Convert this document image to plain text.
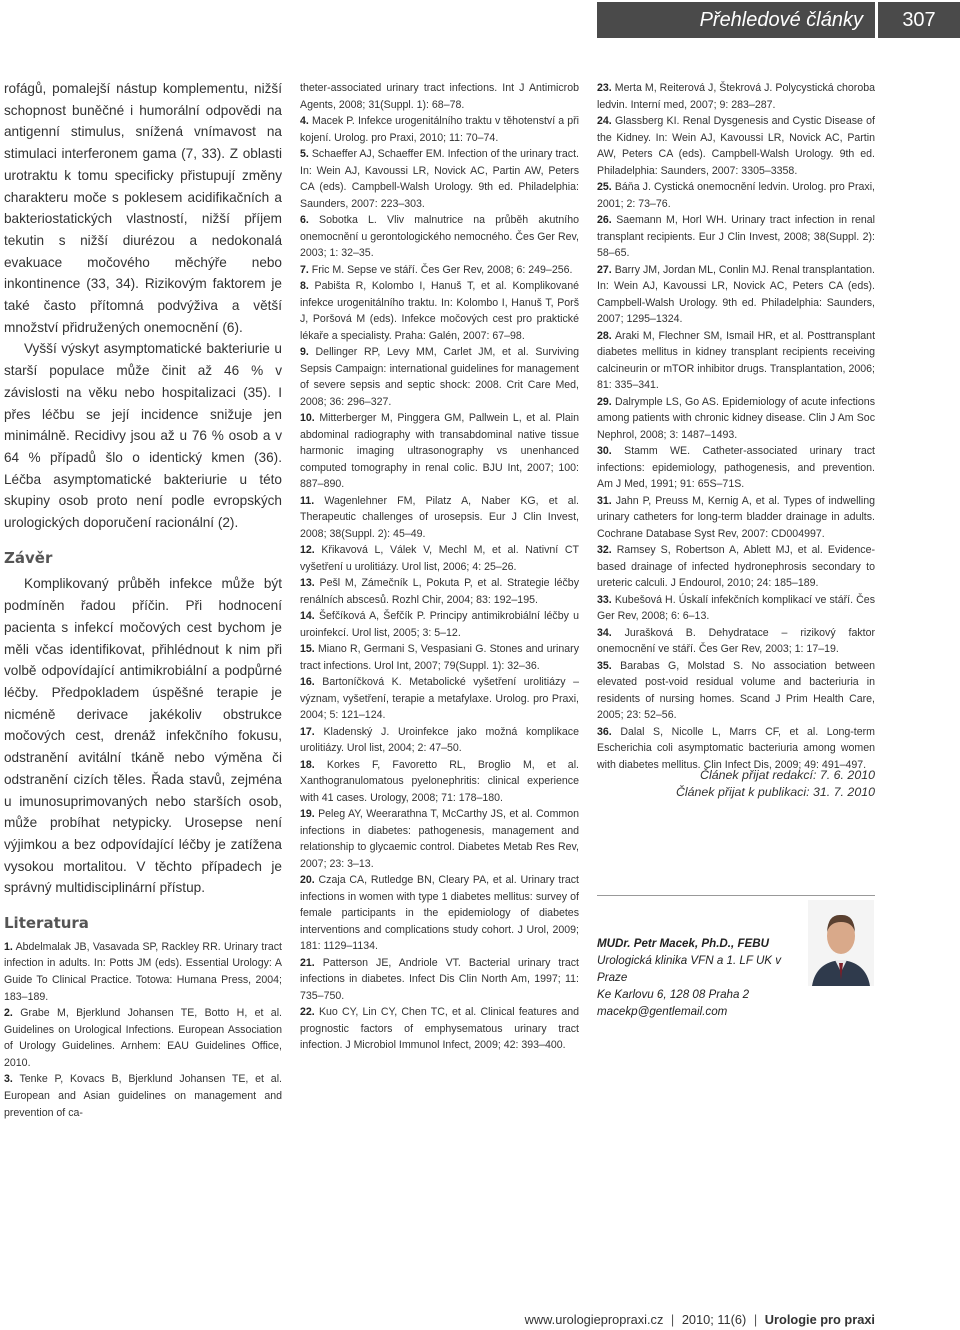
Přehledové články	307

rofágů, pomalejší nástup komplementu, nižší schopnost buněčné i humorální odpovědi na antigenní stimulus, snížená vnímavost na stimulaci interferonem gama (7, 33). Z oblasti urotraktu k tomu specificky přistupují změny charakteru moče s poklesem acidifikačních a bakteriostatických vlastností, nižší příjem tekutin s nižší diurézou a nedokonalá evakuace močového měchýře nebo inkontinence (33, 34). Rizikovým faktorem je také často přítomná podvýživa a větší množství přidružených onemocnění (6).

Vyšší výskyt asymptomatické bakteriurie u starší populace může činit až 46 % v závislosti na věku nebo hospitalizaci (35). I přes léčbu se její incidence snižuje jen minimálně. Recidivy jsou až u 76 % osob a v 64 % případů šlo o identický kmen (36). Léčba asymptomatické bakteriurie u této skupiny osob proto není podle evropských urologických doporučení racionální (2).

Závěr

Komplikovaný průběh infekce může být podmíněn řadou příčin. Při hodnocení pacienta s infekcí močových cest bychom je měli včas identifikovat, přihlédnout k nim při volbě odpovídající antimikrobiální a podpůrné léčby. Předpokladem úspěšné terapie je nicméně derivace jakékoliv obstrukce močových cest, drenáž infekčního fokusu, odstranění avitální tkáně nebo výměna či odstranění cizích těles. Řada stavů, zejména u imunosuprimovaných nebo starších osob, může probíhat netypicky. Urosepse není výjimkou a bez odpovídající léčby je zatížena vysokou mortalitou. V těchto případech je správný multidisciplinární přístup.

Literatura

1. Abdelmalak JB, Vasavada SP, Rackley RR. Urinary tract infection in adults. In: Potts JM (eds). Essential Urology: A Guide To Clinical Practice. Totowa: Humana Press, 2004; 183–189.

2. Grabe M, Bjerklund Johansen TE, Botto H, et al. Guidelines on Urological Infections. European Association of Urology Guidelines. Arnhem: EAU Guidelines Office, 2010.

3. Tenke P, Kovacs B, Bjerklund Johansen TE, et al. European and Asian guidelines on management and prevention of ca-

theter-associated urinary tract infections. Int J Antimicrob Agents, 2008; 31(Suppl. 1): 68–78.

4. Macek P. Infekce urogenitálního traktu v těhotenství a při kojení. Urolog. pro Praxi, 2010; 11: 70–74.

5. Schaeffer AJ, Schaeffer EM. Infection of the urinary tract. In: Wein AJ, Kavoussi LR, Novick AC, Partin AW, Peters CA (eds). Campbell-Walsh Urology. 9th ed. Philadelphia: Saunders, 2007: 223–303.

6. Sobotka L. Vliv malnutrice na průběh akutního onemocnění u gerontologického nemocného. Čes Ger Rev, 2003; 1: 32–35.

7. Fric M. Sepse ve stáří. Čes Ger Rev, 2008; 6: 249–256.

8. Pabišta R, Kolombo I, Hanuš T, et al. Komplikované infekce urogenitálního traktu. In: Kolombo I, Hanuš T, Porš J, Poršová M (eds). Infekce močových cest pro praktické lékaře a specialisty. Praha: Galén, 2007: 67–98.

9. Dellinger RP, Levy MM, Carlet JM, et al. Surviving Sepsis Campaign: international guidelines for management of severe sepsis and septic shock: 2008. Crit Care Med, 2008; 36: 296–327.

10. Mitterberger M, Pinggera GM, Pallwein L, et al. Plain abdominal radiography with transabdominal native tissue harmonic imaging ultrasonography vs unenhanced computed tomography in renal colic. BJU Int, 2007; 100: 887–890.

11. Wagenlehner FM, Pilatz A, Naber KG, et al. Therapeutic challenges of urosepsis. Eur J Clin Invest, 2008; 38(Suppl. 2): 45–49.

12. Křikavová L, Válek V, Mechl M, et al. Nativní CT vyšetření u urolitiázy. Urol list, 2006; 4: 25–26.

13. Pešl M, Zámečník L, Pokuta P, et al. Strategie léčby renálních abscesů. Rozhl Chir, 2004; 83: 192–195.

14. Šefčíková A, Šefčík P. Principy antimikrobiální léčby u uroinfekcí. Urol list, 2005; 3: 5–12.

15. Miano R, Germani S, Vespasiani G. Stones and urinary tract infections. Urol Int, 2007; 79(Suppl. 1): 32–36.

16. Bartoníčková K. Metabolické vyšetření urolitiázy – význam, vyšetření, terapie a metafylaxe. Urolog. pro Praxi, 2004; 5: 121–124.

17. Kladenský J. Uroinfekce jako možná komplikace urolitiázy. Urol list, 2004; 2: 47–50.

18. Korkes F, Favoretto RL, Broglio M, et al. Xanthogranulomatous pyelonephritis: clinical experience with 41 cases. Urology, 2008; 71: 178–180.

19. Peleg AY, Weerarathna T, McCarthy JS, et al. Common infections in diabetes: pathogenesis, management and relationship to glycaemic control. Diabetes Metab Res Rev, 2007; 23: 3–13.

20. Czaja CA, Rutledge BN, Cleary PA, et al. Urinary tract infections in women with type 1 diabetes mellitus: survey of female participants in the epidemiology of diabetes interventions and complications study cohort. J Urol, 2009; 181: 1129–1134.

21. Patterson JE, Andriole VT. Bacterial urinary tract infections in diabetes. Infect Dis Clin North Am, 1997; 11: 735–750.

22. Kuo CY, Lin CY, Chen TC, et al. Clinical features and prognostic factors of emphysematous urinary tract infection. J Microbiol Immunol Infect, 2009; 42: 393–400.

23. Merta M, Reiterová J, Štekrová J. Polycystická choroba ledvin. Interní med, 2007; 9: 283–287.

24. Glassberg KI. Renal Dysgenesis and Cystic Disease of the Kidney. In: Wein AJ, Kavoussi LR, Novick AC, Partin AW, Peters CA (eds). Campbell-Walsh Urology. 9th ed. Philadelphia: Saunders, 2007: 3305–3358.

25. Báňa J. Cystická onemocnění ledvin. Urolog. pro Praxi, 2001; 2: 73–76.

26. Saemann M, Horl WH. Urinary tract infection in renal transplant recipients. Eur J Clin Invest, 2008; 38(Suppl. 2): 58–65.

27. Barry JM, Jordan ML, Conlin MJ. Renal transplantation. In: Wein AJ, Kavoussi LR, Novick AC, Peters CA (eds). Campbell-Walsh Urology. 9th ed. Philadelphia: Saunders, 2007; 1295–1324.

28. Araki M, Flechner SM, Ismail HR, et al. Posttransplant diabetes mellitus in kidney transplant recipients receiving calcineurin or mTOR inhibitor drugs. Transplantation, 2006; 81: 335–341.

29. Dalrymple LS, Go AS. Epidemiology of acute infections among patients with chronic kidney disease. Clin J Am Soc Nephrol, 2008; 3: 1487–1493.

30. Stamm WE. Catheter-associated urinary tract infections: epidemiology, pathogenesis, and prevention. Am J Med, 1991; 91: 65S–71S.

31. Jahn P, Preuss M, Kernig A, et al. Types of indwelling urinary catheters for long-term bladder drainage in adults. Cochrane Database Syst Rev, 2007: CD004997.

32. Ramsey S, Robertson A, Ablett MJ, et al. Evidence-based drainage of infected hydronephrosis secondary to ureteric calculi. J Endourol, 2010; 24: 185–189.

33. Kubešová H. Úskalí infekčních komplikací ve stáří. Čes Ger Rev, 2008; 6: 6–13.

34. Jurašková B. Dehydratace – rizikový faktor onemocnění ve stáří. Čes Ger Rev, 2003; 1: 17–19.

35. Barabas G, Molstad S. No association between elevated post-void residual volume and bacteriuria in residents of nursing homes. Scand J Prim Health Care, 2005; 23: 52–56.

36. Dalal S, Nicolle L, Marrs CF, et al. Long-term Escherichia coli asymptomatic bacteriuria among women with diabetes mellitus. Clin Infect Dis, 2009; 49: 491–497.

Článek přijat redakcí: 7. 6. 2010
Článek přijat k publikaci: 31. 7. 2010
MUDr. Petr Macek, Ph.D., FEBU
Urologická klinika VFN a 1. LF UK v Praze
Ke Karlovu 6, 128 08 Praha 2
macekp@gentlemail.com
www.urologiepropraxi.cz | 2010; 11(6) | Urologie pro praxi
